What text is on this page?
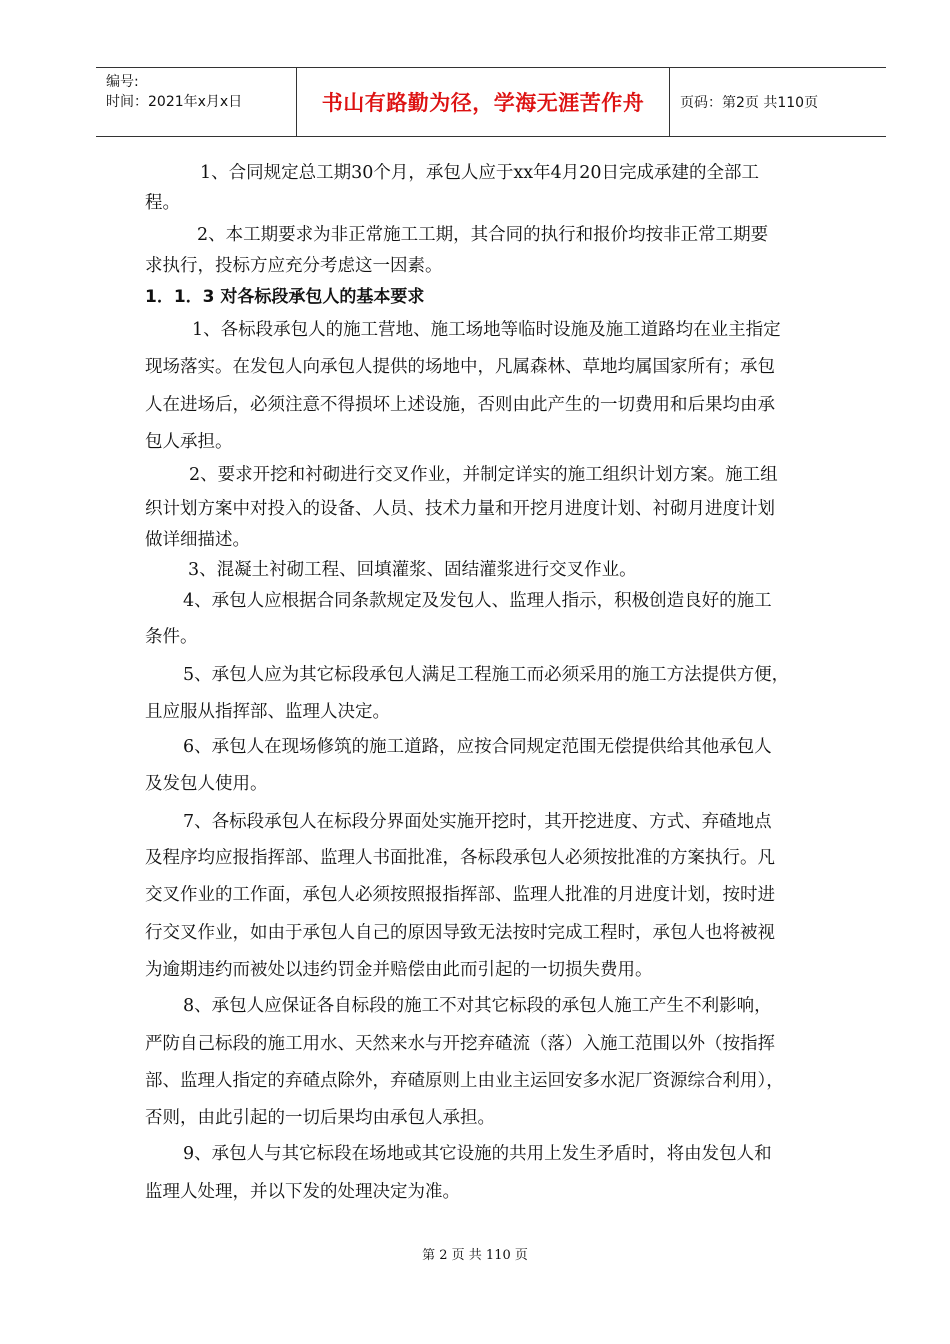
编号:
时间：2021年x月x日	书山有路勤为径，学海无涯苦作舟	页码：第2页 共110页
1、合同规定总工期30个月，承包人应于xx年4月20日完成承建的全部工
程。
2、本工期要求为非正常施工工期，其合同的执行和报价均按非正常工期要
求执行，投标方应充分考虑这一因素。
1．1．3 对各标段承包人的基本要求
1、各标段承包人的施工营地、施工场地等临时设施及施工道路均在业主指定
现场落实。在发包人向承包人提供的场地中，凡属森林、草地均属国家所有；承包
人在进场后，必须注意不得损坏上述设施，否则由此产生的一切费用和后果均由承
包人承担。
2、要求开挖和衬砌进行交叉作业，并制定详实的施工组织计划方案。施工组
织计划方案中对投入的设备、人员、技术力量和开挖月进度计划、衬砌月进度计划
做详细描述。
3、混凝土衬砌工程、回填灌浆、固结灌浆进行交叉作业。
4、承包人应根据合同条款规定及发包人、监理人指示，积极创造良好的施工
条件。
5、承包人应为其它标段承包人满足工程施工而必须采用的施工方法提供方便，
且应服从指挥部、监理人决定。
6、承包人在现场修筑的施工道路，应按合同规定范围无偿提供给其他承包人
及发包人使用。
7、各标段承包人在标段分界面处实施开挖时，其开挖进度、方式、弃碴地点
及程序均应报指挥部、监理人书面批准，各标段承包人必须按批准的方案执行。凡
交叉作业的工作面，承包人必须按照报指挥部、监理人批准的月进度计划，按时进
行交叉作业，如由于承包人自己的原因导致无法按时完成工程时，承包人也将被视
为逾期违约而被处以违约罚金并赔偿由此而引起的一切损失费用。
8、承包人应保证各自标段的施工不对其它标段的承包人施工产生不利影响，
严防自己标段的施工用水、天然来水与开挖弃碴流（落）入施工范围以外（按指挥
部、监理人指定的弃碴点除外，弃碴原则上由业主运回安多水泥厂资源综合利用），
否则，由此引起的一切后果均由承包人承担。
9、承包人与其它标段在场地或其它设施的共用上发生矛盾时，将由发包人和
监理人处理，并以下发的处理决定为准。
第 2 页 共 110 页
